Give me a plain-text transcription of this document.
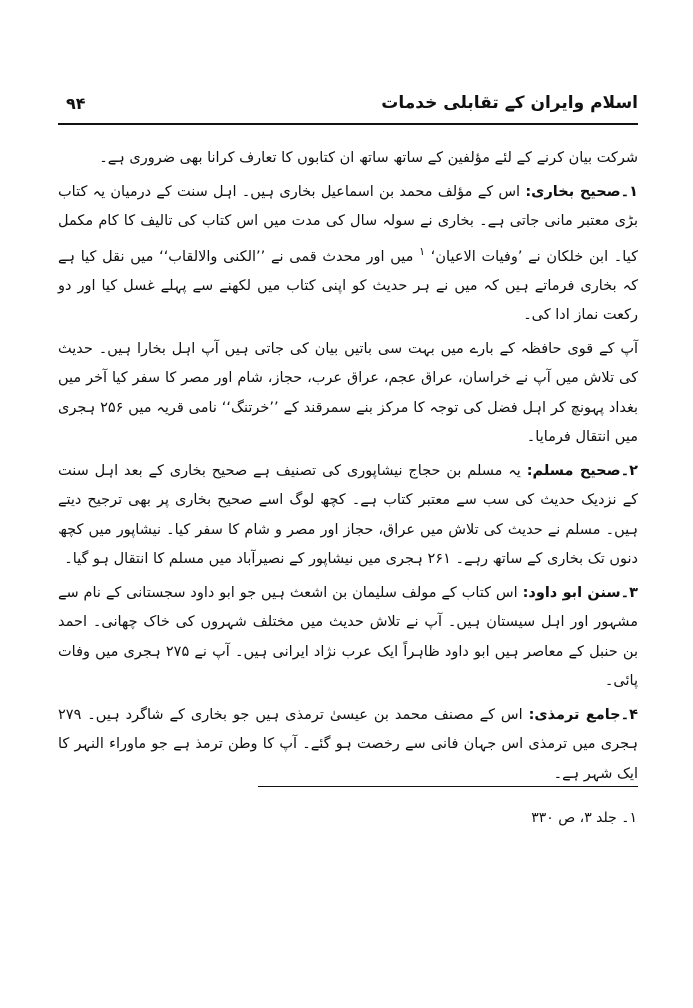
اسلام وایران کے تقابلی خدمات
۹۴

شرکت بیان کرنے کے لئے مؤلفین کے ساتھ ساتھ ان کتابوں کا تعارف کرانا بھی ضروری ہے۔

۱۔صحیح بخاری: اس کے مؤلف محمد بن اسماعیل بخاری ہیں۔ اہل سنت کے درمیان یہ کتاب بڑی معتبر مانی جاتی ہے۔ بخاری نے سولہ سال کی مدت میں اس کتاب کی تالیف کا کام مکمل کیا۔ ابن خلکان نے ’وفیات الاعیان‘ $^۱$ میں اور محدث قمی نے ’’الکنی والالقاب‘‘ میں نقل کیا ہے کہ بخاری فرماتے ہیں کہ میں نے ہر حدیث کو اپنی کتاب میں لکھنے سے پہلے غسل کیا اور دو رکعت نماز ادا کی۔

آپ کے قوی حافظہ کے بارے میں بہت سی باتیں بیان کی جاتی ہیں آپ اہل بخارا ہیں۔ حدیث کی تلاش میں آپ نے خراسان، عراق عجم، عراق عرب، حجاز، شام اور مصر کا سفر کیا آخر میں بغداد پہونچ کر اہل فضل کی توجہ کا مرکز بنے سمرقند کے ’’خرتنگ‘‘ نامی قریہ میں ۲۵۶ ہجری میں انتقال فرمایا۔

۲۔صحیح مسلم: یہ مسلم بن حجاج نیشاپوری کی تصنیف ہے صحیح بخاری کے بعد اہل سنت کے نزدیک حدیث کی سب سے معتبر کتاب ہے۔ کچھ لوگ اسے صحیح بخاری پر بھی ترجیح دیتے ہیں۔ مسلم نے حدیث کی تلاش میں عراق، حجاز اور مصر و شام کا سفر کیا۔ نیشاپور میں کچھ دنوں تک بخاری کے ساتھ رہے۔ ۲۶۱ ہجری میں نیشاپور کے نصیرآباد میں مسلم کا انتقال ہو گیا۔

۳۔سنن ابو داود: اس کتاب کے مولف سلیمان بن اشعث ہیں جو ابو داود سجستانی کے نام سے مشہور اور اہل سیستان ہیں۔ آپ نے تلاش حدیث میں مختلف شہروں کی خاک چھانی۔ احمد بن حنبل کے معاصر ہیں ابو داود ظاہراً ایک عرب نژاد ایرانی ہیں۔ آپ نے ۲۷۵ ہجری میں وفات پائی۔

۴۔جامع ترمذی: اس کے مصنف محمد بن عیسیٰ ترمذی ہیں جو بخاری کے شاگرد ہیں۔ ۲۷۹ ہجری میں ترمذی اس جہان فانی سے رخصت ہو گئے۔ آپ کا وطن ترمذ ہے جو ماوراء النہر کا ایک شہر ہے۔

۱۔ جلد ۳، ص ۳۳۰
